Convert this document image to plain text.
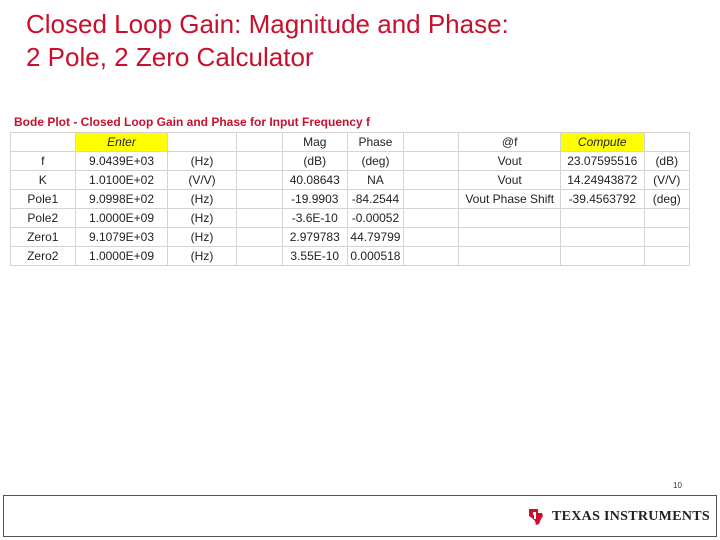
Closed Loop Gain: Magnitude and Phase:
2 Pole, 2 Zero Calculator
Bode Plot - Closed Loop Gain and Phase for Input Frequency f
	Enter			Mag	Phase		@f	Compute	
f	9.0439E+03	(Hz)		(dB)	(deg)		Vout	23.07595516	(dB)
K	1.0100E+02	(V/V)		40.08643	NA		Vout	14.24943872	(V/V)
Pole1	9.0998E+02	(Hz)		-19.9903	-84.2544		Vout Phase Shift	-39.4563792	(deg)
Pole2	1.0000E+09	(Hz)		-3.6E-10	-0.00052				
Zero1	9.1079E+03	(Hz)		2.979783	44.79799				
Zero2	1.0000E+09	(Hz)		3.55E-10	0.000518				
10
TEXAS INSTRUMENTS
